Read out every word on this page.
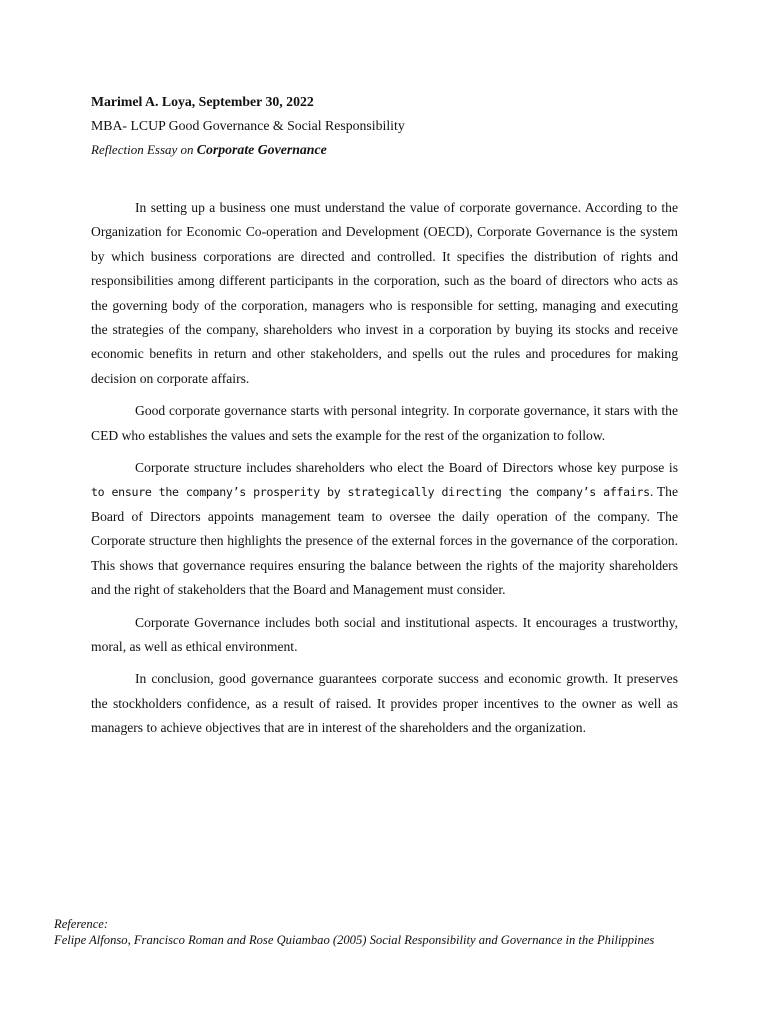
Marimel A. Loya, September 30, 2022

MBA- LCUP Good Governance & Social Responsibility

Reflection Essay on Corporate Governance

In setting up a business one must understand the value of corporate governance. According to the Organization for Economic Co-operation and Development (OECD), Corporate Governance is the system by which business corporations are directed and controlled. It specifies the distribution of rights and responsibilities among different participants in the corporation, such as the board of directors who acts as the governing body of the corporation, managers who is responsible for setting, managing and executing the strategies of the company, shareholders who invest in a corporation by buying its stocks and receive economic benefits in return and other stakeholders, and spells out the rules and procedures for making decision on corporate affairs.

Good corporate governance starts with personal integrity. In corporate governance, it stars with the CED who establishes the values and sets the example for the rest of the organization to follow.

Corporate structure includes shareholders who elect the Board of Directors whose key purpose is to ensure the company’s prosperity by strategically directing the company’s affairs. The Board of Directors appoints management team to oversee the daily operation of the company. The Corporate structure then highlights the presence of the external forces in the governance of the corporation. This shows that governance requires ensuring the balance between the rights of the majority shareholders and the right of stakeholders that the Board and Management must consider.

Corporate Governance includes both social and institutional aspects. It encourages a trustworthy, moral, as well as ethical environment.

In conclusion, good governance guarantees corporate success and economic growth. It preserves the stockholders confidence, as a result of raised. It provides proper incentives to the owner as well as managers to achieve objectives that are in interest of the shareholders and the organization.

Reference:
Felipe Alfonso, Francisco Roman and Rose Quiambao (2005) Social Responsibility and Governance in the Philippines
